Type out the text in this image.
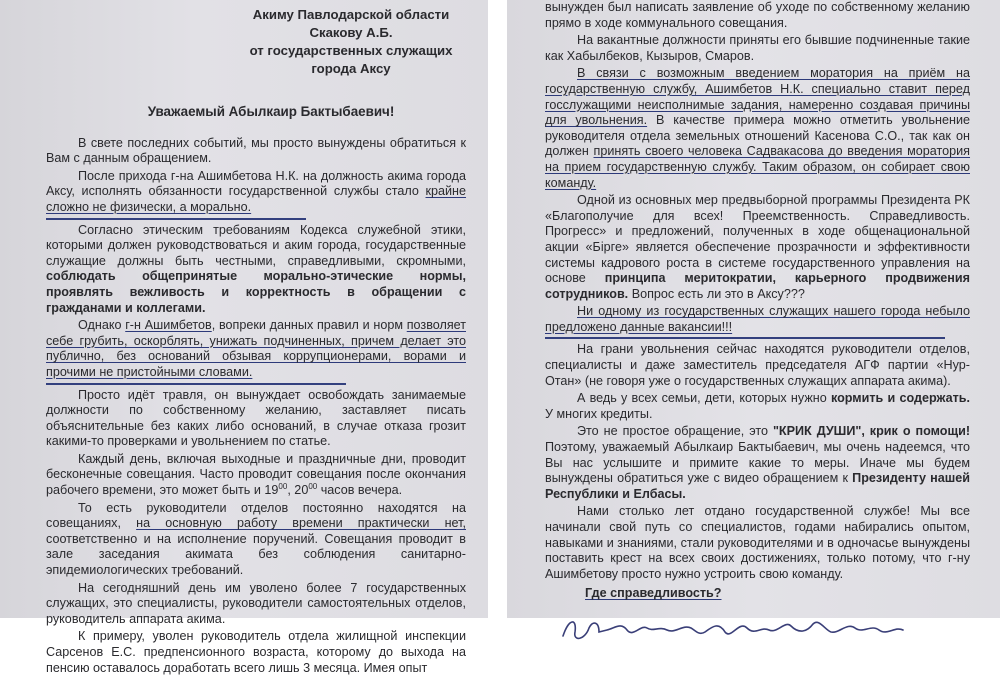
Акиму Павлодарской области
Скакову А.Б.
от государственных служащих
города Аксу
Уважаемый Абылкаир Бактыбаевич!

В свете последних событий, мы просто вынуждены обратиться к Вам с данным обращением.

После прихода г-на Ашимбетова Н.К. на должность акима города Аксу, исполнять обязанности государственной службы стало крайне сложно не физически, а морально.

Согласно этическим требованиям Кодекса служебной этики, которыми должен руководствоваться и аким города, государственные служащие должны быть честными, справедливыми, скромными, соблюдать общепринятые морально-этические нормы, проявлять вежливость и корректность в обращении с гражданами и коллегами.

Однако г-н Ашимбетов, вопреки данных правил и норм позволяет себе грубить, оскорблять, унижать подчиненных, причем делает это публично, без оснований обзывая коррупционерами, ворами и прочими не пристойными словами.

Просто идёт травля, он вынуждает освобождать занимаемые должности по собственному желанию, заставляет писать объяснительные без каких либо оснований, в случае отказа грозит какими-то проверками и увольнением по статье.

Каждый день, включая выходные и праздничные дни, проводит бесконечные совещания. Часто проводит совещания после окончания рабочего времени, это может быть и $19^{00}$, $20^{00}$ часов вечера.

То есть руководители отделов постоянно находятся на совещаниях, на основную работу времени практически нет, соответственно и на исполнение поручений. Совещания проводит в зале заседания акимата без соблюдения санитарно-эпидемиологических требований.

На сегодняшний день им уволено более 7 государственных служащих, это специалисты, руководители самостоятельных отделов, руководитель аппарата акима.

К примеру, уволен руководитель отдела жилищной инспекции Сарсенов Е.С. предпенсионного возраста, которому до выхода на пенсию оставалось доработать всего лишь 3 месяца. Имея опыт

вынужден был написать заявление об уходе по собственному желанию прямо в ходе коммунального совещания.

На вакантные должности приняты его бывшие подчиненные такие как Хабылбеков, Кызыров, Смаров.

В связи с возможным введением моратория на приём на государственную службу, Ашимбетов Н.К. специально ставит перед госслужащими неисполнимые задания, намеренно создавая причины для увольнения. В качестве примера можно отметить увольнение руководителя отдела земельных отношений Касенова С.О., так как он должен принять своего человека Садвакасова до введения моратория на прием государственную службу. Таким образом, он собирает свою команду.

Одной из основных мер предвыборной программы Президента РК «Благополучие для всех! Преемственность. Справедливость. Прогресс» и предложений, полученных в ходе общенациональной акции «Бірге» является обеспечение прозрачности и эффективности системы кадрового роста в системе государственного управления на основе принципа меритократии, карьерного продвижения сотрудников. Вопрос есть ли это в Аксу???

Ни одному из государственных служащих нашего города небыло предложено данные вакансии!!!

На грани увольнения сейчас находятся руководители отделов, специалисты и даже заместитель председателя АГФ партии «Нур-Отан» (не говоря уже о государственных служащих аппарата акима).

А ведь у всех семьи, дети, которых нужно кормить и содержать. У многих кредиты.

Это не простое обращение, это "КРИК ДУШИ", крик о помощи! Поэтому, уважаемый Абылкаир Бактыбаевич, мы очень надеемся, что Вы нас услышите и примите какие то меры. Иначе мы будем вынуждены обратиться уже с видео обращением к Президенту нашей Республики и Елбасы.

Нами столько лет отдано государственной службе! Мы все начинали свой путь со специалистов, годами набирались опытом, навыками и знаниями, стали руководителями и в одночасье вынуждены поставить крест на всех своих достижениях, только потому, что г-ну Ашимбетову просто нужно устроить свою команду.

Где справедливость?
